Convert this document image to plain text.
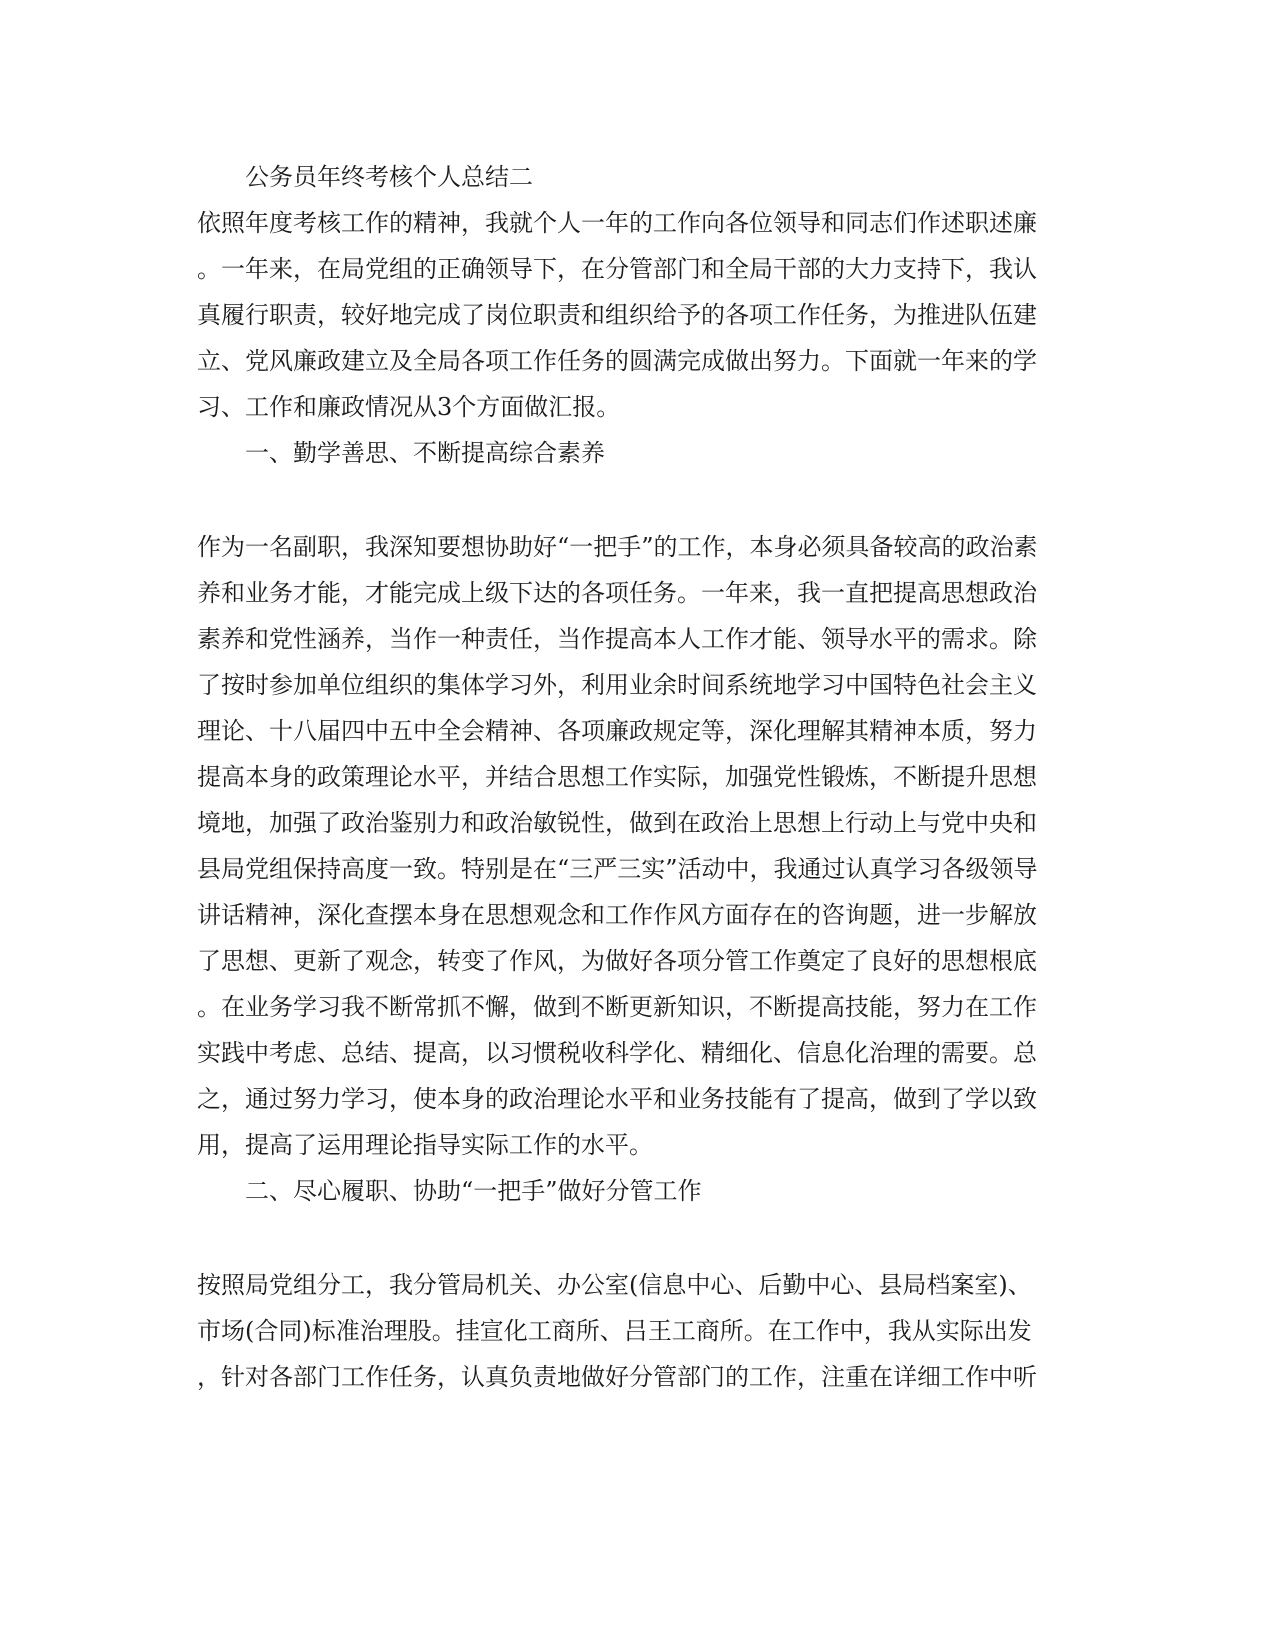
公务员年终考核个人总结二
依照年度考核工作的精神，我就个人一年的工作向各位领导和同志们作述职述廉
。一年来，在局党组的正确领导下，在分管部门和全局干部的大力支持下，我认
真履行职责，较好地完成了岗位职责和组织给予的各项工作任务，为推进队伍建
立、党风廉政建立及全局各项工作任务的圆满完成做出努力。下面就一年来的学
习、工作和廉政情况从3个方面做汇报。
一、勤学善思、不断提高综合素养
作为一名副职，我深知要想协助好“一把手”的工作，本身必须具备较高的政治素
养和业务才能，才能完成上级下达的各项任务。一年来，我一直把提高思想政治
素养和党性涵养，当作一种责任，当作提高本人工作才能、领导水平的需求。除
了按时参加单位组织的集体学习外，利用业余时间系统地学习中国特色社会主义
理论、十八届四中五中全会精神、各项廉政规定等，深化理解其精神本质，努力
提高本身的政策理论水平，并结合思想工作实际，加强党性锻炼，不断提升思想
境地，加强了政治鉴别力和政治敏锐性，做到在政治上思想上行动上与党中央和
县局党组保持高度一致。特别是在“三严三实”活动中，我通过认真学习各级领导
讲话精神，深化查摆本身在思想观念和工作作风方面存在的咨询题，进一步解放
了思想、更新了观念，转变了作风，为做好各项分管工作奠定了良好的思想根底
。在业务学习我不断常抓不懈，做到不断更新知识，不断提高技能，努力在工作
实践中考虑、总结、提高，以习惯税收科学化、精细化、信息化治理的需要。总
之，通过努力学习，使本身的政治理论水平和业务技能有了提高，做到了学以致
用，提高了运用理论指导实际工作的水平。
二、尽心履职、协助“一把手”做好分管工作
按照局党组分工，我分管局机关、办公室(信息中心、后勤中心、县局档案室)、
市场(合同)标准治理股。挂宣化工商所、吕王工商所。在工作中，我从实际出发
，针对各部门工作任务，认真负责地做好分管部门的工作，注重在详细工作中听
